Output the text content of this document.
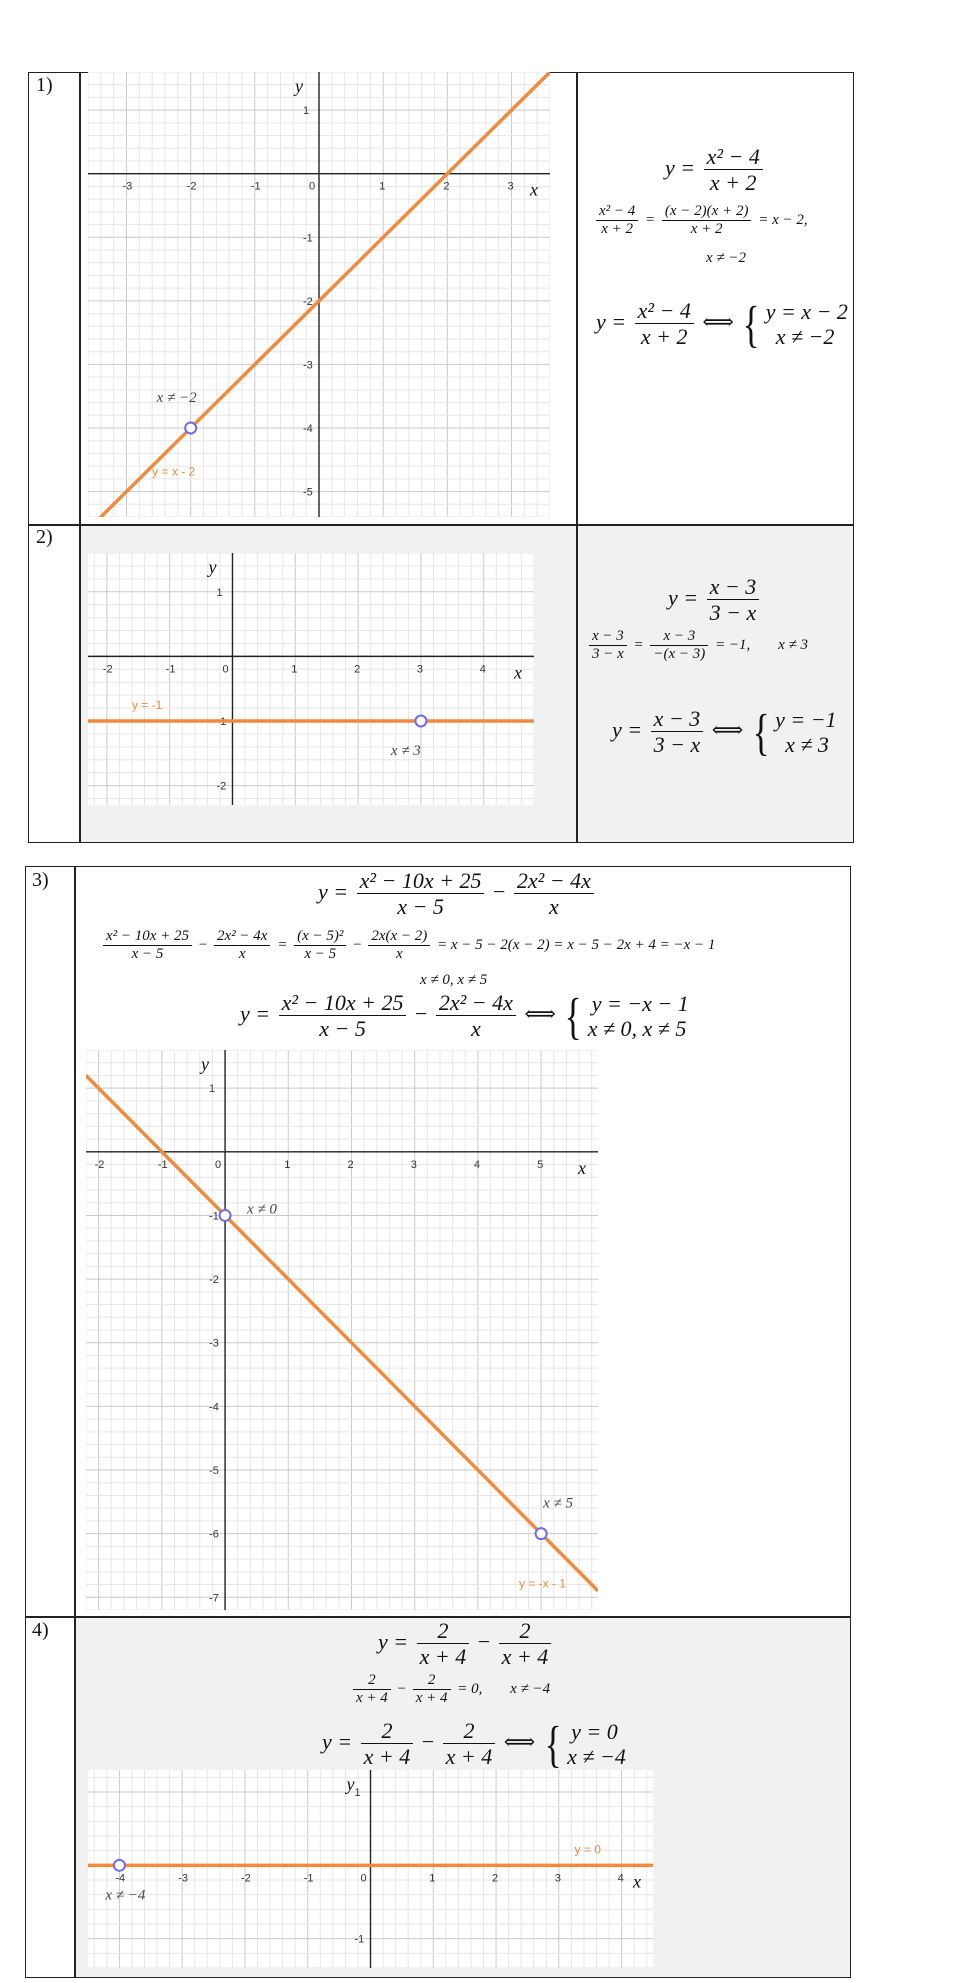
1)
2)
-3	-2	-1	0	1	2	3
1
-1
-2
-3
-4
-5
x
y
y = x - 2
x ≠ −2
$y = \frac{\text{x² − 4}}{x + 2}$
$\frac{\text{x² − 4}}{x + 2} = \frac{(x - 2)(x + 2)}{x + 2} = x - 2$,
x ≠ −2
$y = \frac{\text{x² − 4}}{x + 2}$ ⟺ { y = x − 2
x ≠ −2
-2	-1	0	1	2	3	4
1
-1
-2
x
y
y = -1
x ≠ 3
$y = \frac{x - 3}{3 - x}$
$\frac{x - 3}{3 - x} = \frac{x - 3}{-(x - 3)} = -1$, x ≠ 3
$y = \frac{x - 3}{3 - x}$ ⟺ { y = −1
x ≠ 3
3)
4)
$y = \frac{\text{x² − 10x + 25}}{x - 5} - \frac{\text{2x² − 4x}}{x}$
$\frac{\text{x² − 10x + 25}}{x - 5} - \frac{\text{2x² − 4x}}{x} = \frac{\text{(x − 5)²}}{x - 5} - \frac{2x(x - 2)}{x} = x - 5 - 2(x - 2) = x - 5 - 2x + 4 = -x - 1$
x ≠ 0, x ≠ 5
$y = \frac{\text{x² − 10x + 25}}{x - 5} - \frac{\text{2x² − 4x}}{x}$ ⟺ { y = −x − 1
x ≠ 0, x ≠ 5
-2	-1	0	1	2	3	4	5
1
-1
-2
-3
-4
-5
-6
-7
x
y
y = -x - 1
x ≠ 0
x ≠ 5
$y = \frac{2}{x + 4} - \frac{2}{x + 4}$
$\frac{2}{x + 4} - \frac{2}{x + 4} = 0$, x ≠ −4
$y = \frac{2}{x + 4} - \frac{2}{x + 4}$ ⟺ { y = 0
x ≠ −4
-4	-3	-2	-1	0	1	2	3	4
1
-1
x
y
y = 0
x ≠ −4
